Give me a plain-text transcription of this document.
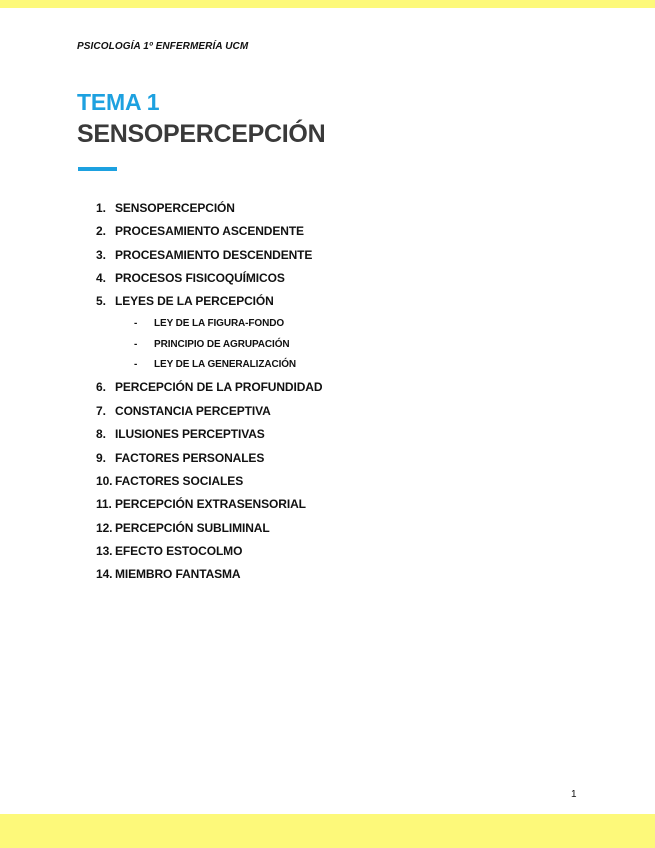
PSICOLOGÍA 1º ENFERMERÍA UCM
TEMA 1
SENSOPERCEPCIÓN
1. SENSOPERCEPCIÓN
2. PROCESAMIENTO ASCENDENTE
3. PROCESAMIENTO DESCENDENTE
4. PROCESOS FISICOQUÍMICOS
5. LEYES DE LA PERCEPCIÓN
- LEY DE LA FIGURA-FONDO
- PRINCIPIO DE AGRUPACIÓN
- LEY DE LA GENERALIZACIÓN
6. PERCEPCIÓN DE LA PROFUNDIDAD
7. CONSTANCIA PERCEPTIVA
8. ILUSIONES PERCEPTIVAS
9. FACTORES PERSONALES
10. FACTORES SOCIALES
11. PERCEPCIÓN EXTRASENSORIAL
12. PERCEPCIÓN SUBLIMINAL
13. EFECTO ESTOCOLMO
14. MIEMBRO FANTASMA
1
